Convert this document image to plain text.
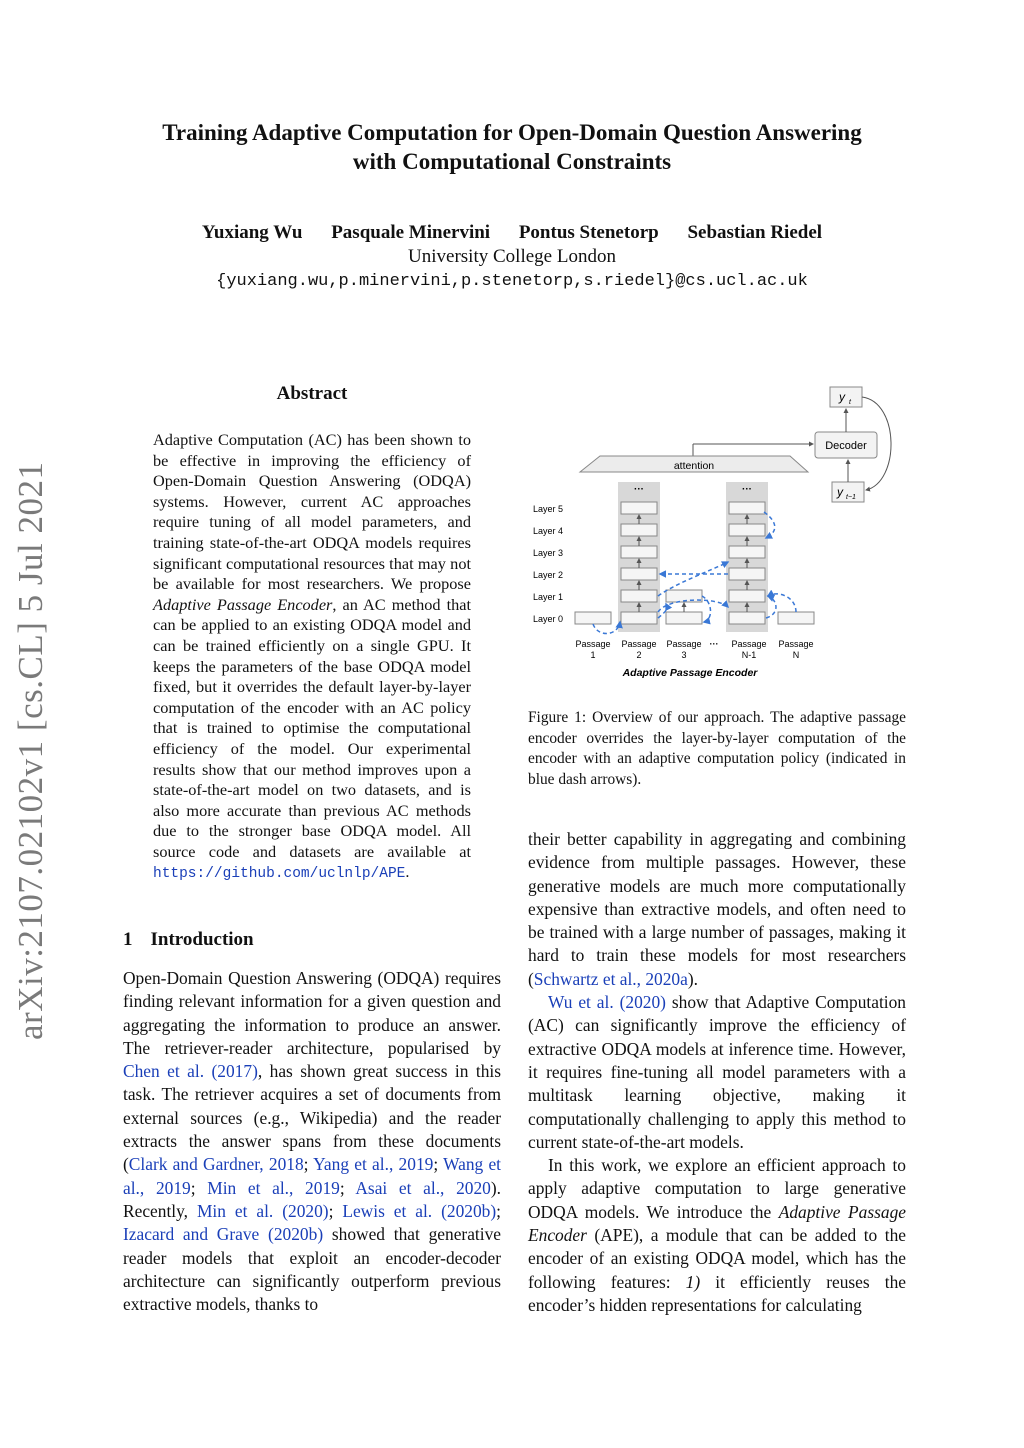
Training Adaptive Computation for Open-Domain Question Answering
with Computational Constraints
Yuxiang Wu Pasquale Minervini Pontus Stenetorp Sebastian Riedel
University College London
{yuxiang.wu,p.minervini,p.stenetorp,s.riedel}@cs.ucl.ac.uk
arXiv:2107.02102v1 [cs.CL] 5 Jul 2021
Abstract
Adaptive Computation (AC) has been shown to be effective in improving the efficiency of Open-Domain Question Answering (ODQA) systems. However, current AC approaches require tuning of all model parameters, and training state-of-the-art ODQA models requires significant computational resources that may not be available for most researchers. We propose Adaptive Passage Encoder, an AC method that can be applied to an existing ODQA model and can be trained efficiently on a single GPU. It keeps the parameters of the base ODQA model fixed, but it overrides the default layer-by-layer computation of the encoder with an AC policy that is trained to optimise the computational efficiency of the model. Our experimental results show that our method improves upon a state-of-the-art model on two datasets, and is also more accurate than previous AC methods due to the stronger base ODQA model. All source code and datasets are available at https://github.com/uclnlp/APE.
1 Introduction
Open-Domain Question Answering (ODQA) requires finding relevant information for a given question and aggregating the information to produce an answer. The retriever-reader architecture, popularised by Chen et al. (2017), has shown great success in this task. The retriever acquires a set of documents from external sources (e.g., Wikipedia) and the reader extracts the answer spans from these documents (Clark and Gardner, 2018; Yang et al., 2019; Wang et al., 2019; Min et al., 2019; Asai et al., 2020). Recently, Min et al. (2020); Lewis et al. (2020b); Izacard and Grave (2020b) showed that generative reader models that exploit an encoder-decoder architecture can significantly outperform previous extractive models, thanks to
y t
Decoder
y t−1
attention
···	···
Layer 5
Layer 4
Layer 3
Layer 2
Layer 1
Layer 0
Passage
1
Passage
2
Passage
3
··· Passage
N-1
Passage
N
Adaptive Passage Encoder
Figure 1: Overview of our approach. The adaptive passage encoder overrides the layer-by-layer computation of the encoder with an adaptive computation policy (indicated in blue dash arrows).
their better capability in aggregating and combining evidence from multiple passages. However, these generative models are much more computationally expensive than extractive models, and often need to be trained with a large number of passages, making it hard to train these models for most researchers (Schwartz et al., 2020a).
Wu et al. (2020) show that Adaptive Computation (AC) can significantly improve the efficiency of extractive ODQA models at inference time. However, it requires fine-tuning all model parameters with a multitask learning objective, making it computationally challenging to apply this method to current state-of-the-art models.
In this work, we explore an efficient approach to apply adaptive computation to large generative ODQA models. We introduce the Adaptive Passage Encoder (APE), a module that can be added to the encoder of an existing ODQA model, which has the following features: 1) it efficiently reuses the encoder’s hidden representations for calculating
